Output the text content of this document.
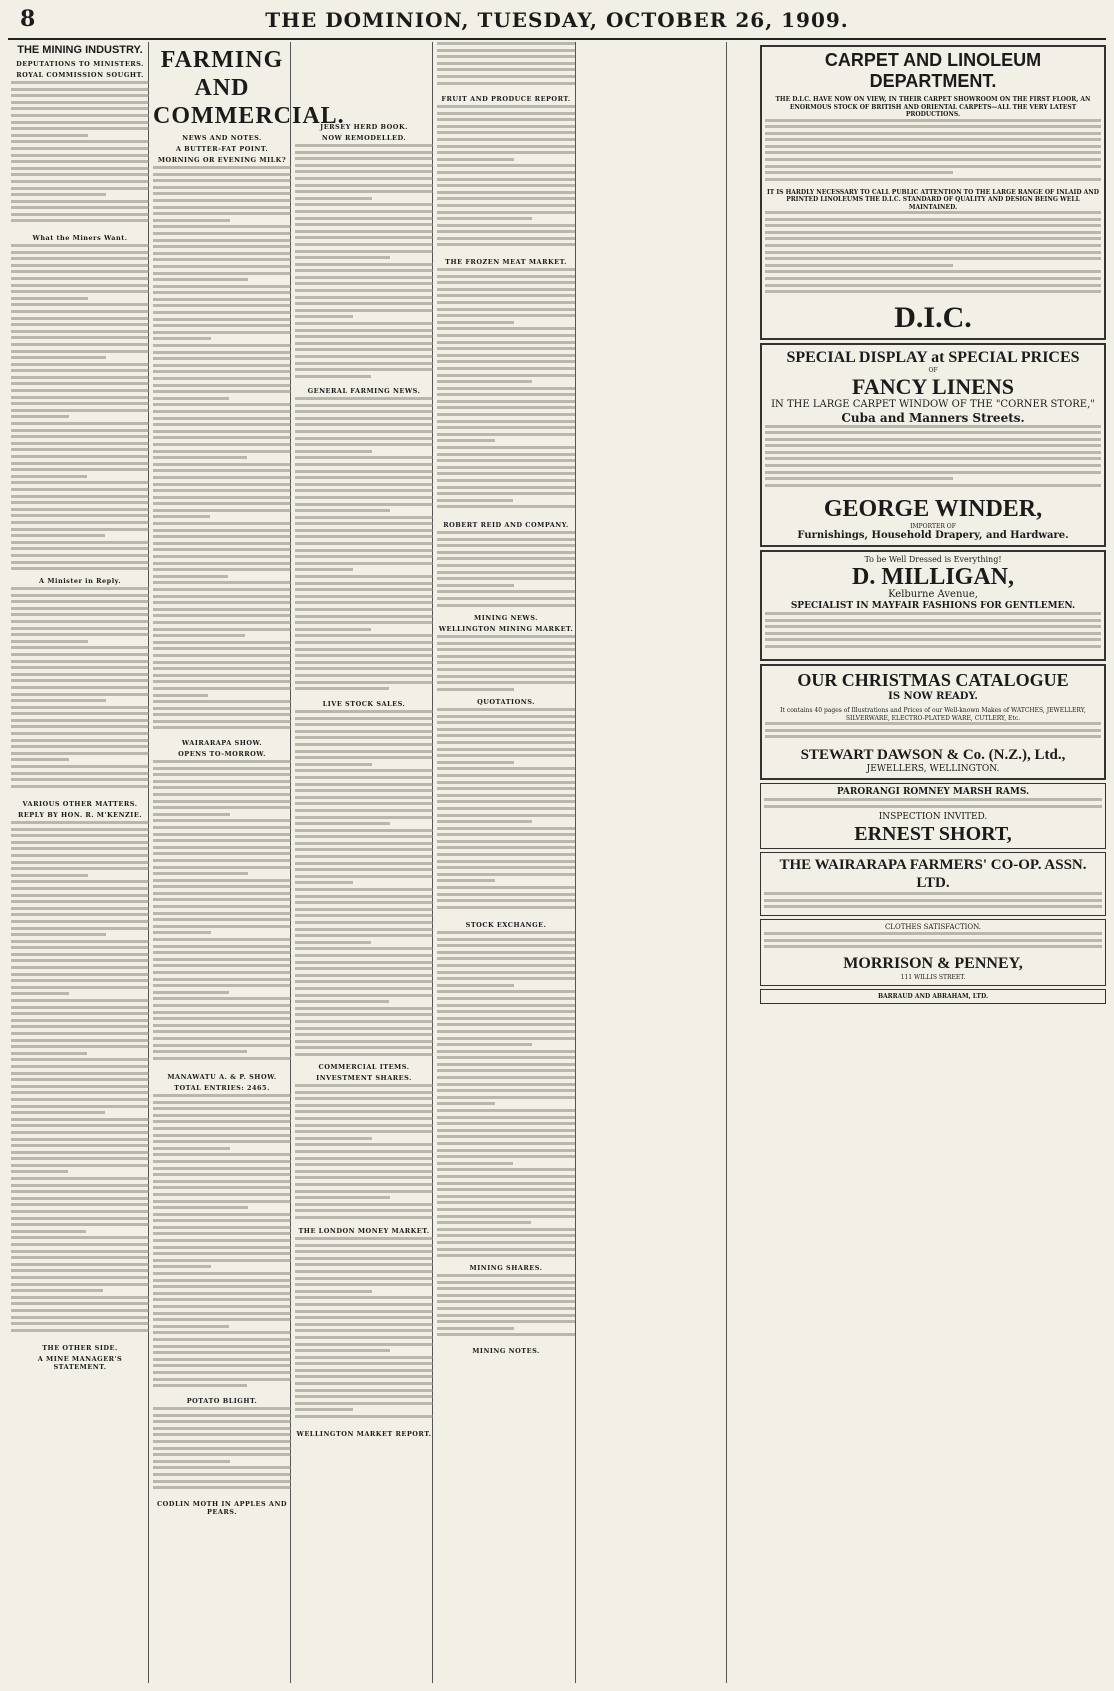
8	THE DOMINION, TUESDAY, OCTOBER 26, 1909.
THE MINING INDUSTRY.
DEPUTATIONS TO MINISTERS.
ROYAL COMMISSION SOUGHT.
What the Miners Want.
A Minister in Reply.
VARIOUS OTHER MATTERS.
REPLY BY HON. R. M'KENZIE.
THE OTHER SIDE.
A MINE MANAGER'S STATEMENT.
FARMING AND COMMERCIAL.
NEWS AND NOTES.
A BUTTER-FAT POINT.
MORNING OR EVENING MILK?
WAIRARAPA SHOW.
OPENS TO-MORROW.
MANAWATU A. & P. SHOW.
TOTAL ENTRIES: 2465.
POTATO BLIGHT.
CODLIN MOTH IN APPLES AND PEARS.
JERSEY HERD BOOK.
NOW REMODELLED.
GENERAL FARMING NEWS.
LIVE STOCK SALES.
COMMERCIAL ITEMS.
INVESTMENT SHARES.
THE LONDON MONEY MARKET.
WELLINGTON MARKET REPORT.
FRUIT AND PRODUCE REPORT.
THE FROZEN MEAT MARKET.
ROBERT REID AND COMPANY.
MINING NEWS.
WELLINGTON MINING MARKET.
QUOTATIONS.
STOCK EXCHANGE.
MINING SHARES.
MINING NOTES.
CARPET AND LINOLEUM DEPARTMENT.
THE D.I.C. HAVE NOW ON VIEW, IN THEIR CARPET SHOWROOM ON THE FIRST FLOOR, AN ENORMOUS STOCK OF BRITISH AND ORIENTAL CARPETS—ALL THE VERY LATEST PRODUCTIONS.
IT IS HARDLY NECESSARY TO CALL PUBLIC ATTENTION TO THE LARGE RANGE OF INLAID AND PRINTED LINOLEUMS THE D.I.C. STANDARD OF QUALITY AND DESIGN BEING WELL MAINTAINED.
D.I.C.
SPECIAL DISPLAY at SPECIAL PRICES
OF
FANCY LINENS
IN THE LARGE CARPET WINDOW OF THE "CORNER STORE,"
Cuba and Manners Streets.
GEORGE WINDER,
IMPORTER OF
Furnishings, Household Drapery, and Hardware.
To be Well Dressed is Everything!
D. MILLIGAN,
Kelburne Avenue,
SPECIALIST IN MAYFAIR FASHIONS FOR GENTLEMEN.
OUR CHRISTMAS CATALOGUE
IS NOW READY.
It contains 40 pages of Illustrations and Prices of our Well-known Makes of WATCHES, JEWELLERY, SILVERWARE, ELECTRO-PLATED WARE, CUTLERY, Etc.
STEWART DAWSON & Co. (N.Z.), Ltd.,
JEWELLERS, WELLINGTON.
PARORANGI ROMNEY MARSH RAMS.
INSPECTION INVITED.
ERNEST SHORT,
THE WAIRARAPA FARMERS' CO-OP. ASSN. LTD.
CLOTHES SATISFACTION.
MORRISON & PENNEY,
111 WILLIS STREET.
BARRAUD AND ABRAHAM, LTD.
